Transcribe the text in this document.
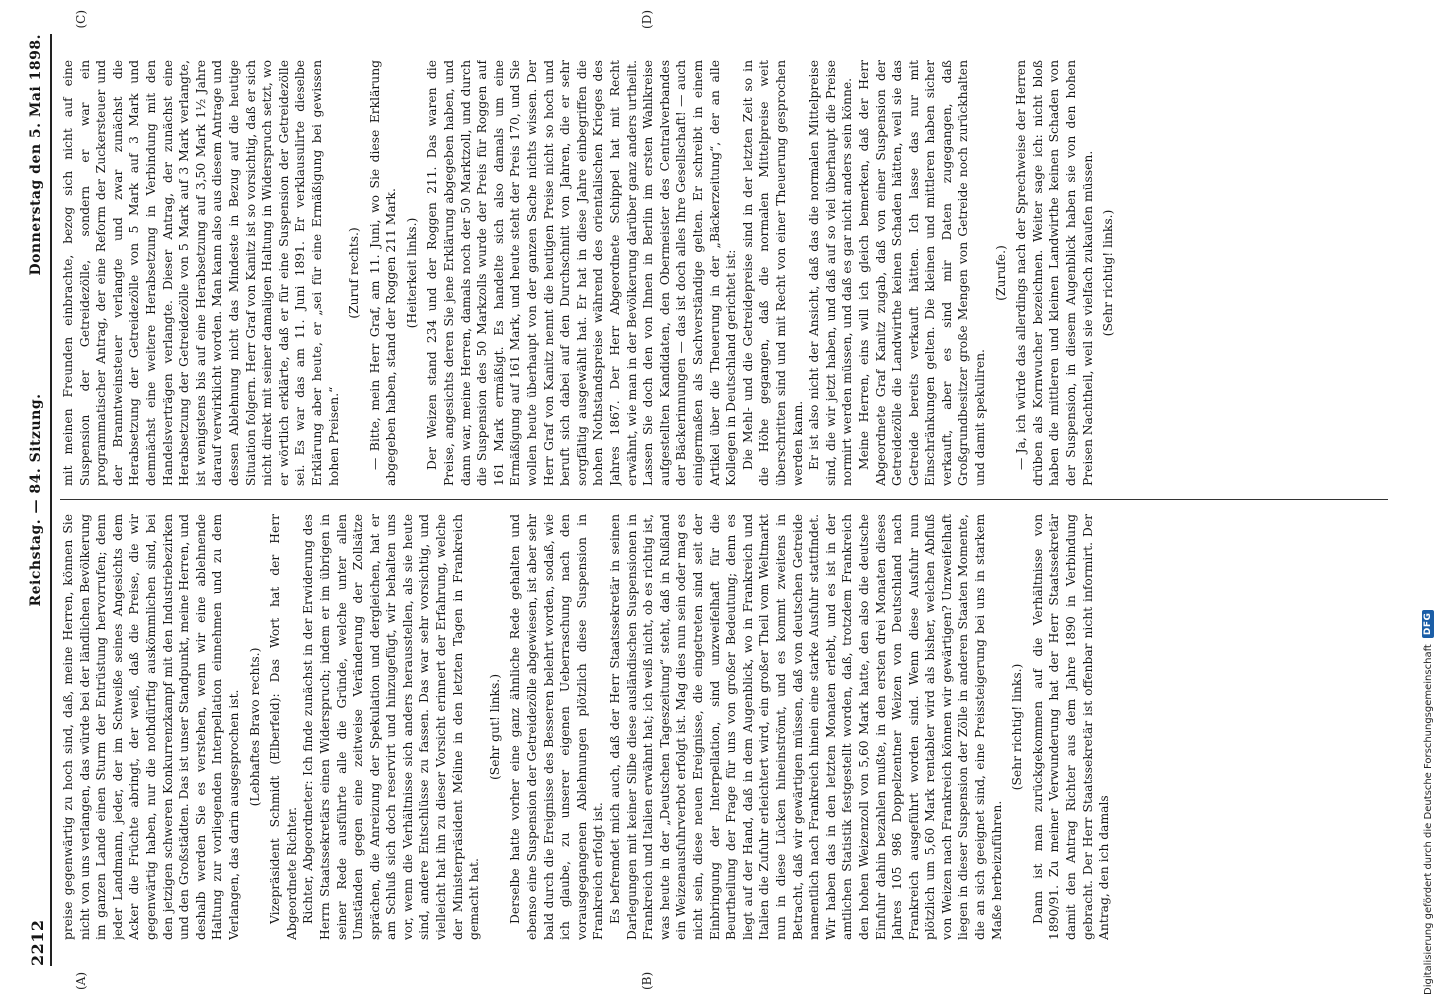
2212
Reichstag. — 84. Sitzung.
Donnerstag den 5. Mai 1898.
(A)	(B)
(C)	(D)

preise gegenwärtig zu hoch sind, daß, meine Herren, können Sie nicht von uns verlangen, das würde bei der ländlichen Bevölkerung im ganzen Lande einen Sturm der Entrüstung hervorrufen; denn jeder Landmann, jeder, der im Schweiße seines Angesichts dem Acker die Früchte abringt, der weiß, daß die Preise, die wir gegenwärtig haben, nur die nothdürftig auskömmlichen sind, bei den jetzigen schweren Konkurrenzkampf mit den Industriebezirken und den Großstädten. Das ist unser Standpunkt, meine Herren, und deshalb werden Sie es verstehen, wenn wir eine ablehnende Haltung zur vorliegenden Interpellation einnehmen und zu dem Verlangen, das darin ausgesprochen ist. (Lebhaftes Bravo rechts.) Vizepräsident Schmidt (Elberfeld): Das Wort hat der Herr Abgeordnete Richter. Richter, Abgeordneter: Ich finde zunächst in der Erwiderung des Herrn Staatssekretärs einen Widerspruch; indem er im übrigen in seiner Rede ausführte alle die Gründe, welche unter allen Umständen gegen eine zeitweise Veränderung der Zollsätze sprächen, die Anreizung der Spekulation und dergleichen, hat er am Schluß sich doch reservirt und hinzugefügt, wir behalten uns vor, wenn die Verhältnisse sich anders herausstellen, als sie heute sind, andere Entschlüsse zu fassen. Das war sehr vorsichtig, und vielleicht hat ihn zu dieser Vorsicht erinnert der Erfahrung, welche der Ministerpräsident Méline in den letzten Tagen in Frankreich gemacht hat.

(Sehr gut! links.) Derselbe hatte vorher eine ganz ähnliche Rede gehalten und ebenso eine Suspension der Getreidezölle abgewiesen, ist aber sehr bald durch die Ereignisse des Besseren belehrt worden, sodaß, wie ich glaube, zu unserer eigenen Ueberraschung nach den vorausgegangenen Ablehnungen plötzlich diese Suspension in Frankreich erfolgt ist. Es befremdet mich auch, daß der Herr Staatssekretär in seinen Darlegungen mit keiner Silbe diese ausländischen Suspensionen in Frankreich und Italien erwähnt hat; ich weiß nicht, ob es richtig ist, was heute in der „Deutschen Tageszeitung“ steht, daß in Rußland ein Weizenausfuhrverbot erfolgt ist. Mag dies nun sein oder mag es nicht sein, diese neuen Ereignisse, die eingetreten sind seit der Einbringung der Interpellation, sind unzweifelhaft für die Beurtheilung der Frage für uns von großer Bedeutung; denn es liegt auf der Hand, daß in dem Augenblick, wo in Frankreich und Italien die Zufuhr erleichtert wird, ein großer Theil vom Weltmarkt nun in diese Lücken hineinströmt, und es kommt zweitens in Betracht, daß wir gewärtigen müssen, daß von deutschen Getreide namentlich nach Frankreich hinein eine starke Ausfuhr stattfindet. Wir haben das in den letzten Monaten erlebt, und es ist in der amtlichen Statistik festgestellt worden, daß, trotzdem Frankreich den hohen Weizenzoll von 5,60 Mark hatte, den also die deutsche Einfuhr dahin bezahlen mußte, in den ersten drei Monaten dieses Jahres 105 986 Doppelzentner Weizen von Deutschland nach Frankreich ausgeführt worden sind. Wenn diese Ausfuhr nun plötzlich um 5,60 Mark rentabler wird als bisher, welchen Abfluß von Weizen nach Frankreich können wir gewärtigen? Unzweifelhaft liegen in dieser Suspension der Zölle in anderen Staaten Momente, die an sich geeignet sind, eine Preissteigerung bei uns in starkem Maße herbeizuführen.

(Sehr richtig! links.) Dann ist man zurückgekommen auf die Verhältnisse von 1890/91. Zu meiner Verwunderung hat der Herr Staatssekretär damit den Antrag Richter aus dem Jahre 1890 in Verbindung gebracht. Der Herr Staatssekretär ist offenbar nicht informirt. Der Antrag, den ich damals

mit meinen Freunden einbrachte, bezog sich nicht auf eine Suspension der Getreidezölle, sondern er war ein programmatischer Antrag, der eine Reform der Zuckersteuer und der Branntweinsteuer verlangte und zwar zunächst die Herabsetzung der Getreidezölle von 5 Mark auf 3 Mark und demnächst eine weitere Herabsetzung in Verbindung mit den Handelsverträgen verlangte. Dieser Antrag, der zunächst eine Herabsetzung der Getreidezölle von 5 Mark auf 3 Mark verlangte, ist wenigstens bis auf eine Herabsetzung auf 3,50 Mark 1½ Jahre darauf verwirklicht worden. Man kann also aus diesem Antrage und dessen Ablehnung nicht das Mindeste in Bezug auf die heutige Situation folgern. Herr Graf von Kanitz ist so vorsichtig, daß er sich nicht direkt mit seiner damaligen Haltung in Widerspruch setzt, wo er wörtlich erklärte, daß er für eine Suspension der Getreidezölle sei. Es war das am 11. Juni 1891. Er verklausulirte dieselbe Erklärung aber heute, er „sei für eine Ermäßigung bei gewissen hohen Preisen.“

(Zuruf rechts.) — Bitte, mein Herr Graf, am 11. Juni, wo Sie diese Erklärung abgegeben haben, stand der Roggen 211 Mark. (Heiterkeit links.) Der Weizen stand 234 und der Roggen 211. Das waren die Preise, angesichts deren Sie jene Erklärung abgegeben haben, und dann war, meine Herren, damals noch der 50 Marktzoll, und durch die Suspension des 50 Markzolls wurde der Preis für Roggen auf 161 Mark ermäßigt. Es handelte sich also damals um eine Ermäßigung auf 161 Mark, und heute steht der Preis 170, und Sie wollen heute überhaupt von der ganzen Sache nichts wissen. Der Herr Graf von Kanitz nennt die heutigen Preise nicht so hoch und beruft sich dabei auf den Durchschnitt von Jahren, die er sehr sorgfältig ausgewählt hat. Er hat in diese Jahre einbegriffen die hohen Nothstandspreise während des orientalischen Krieges des Jahres 1867. Der Herr Abgeordnete Schippel hat mit Recht erwähnt, wie man in der Bevölkerung darüber ganz anders urtheilt. Lassen Sie doch den von Ihnen in Berlin im ersten Wahlkreise aufgestellten Kandidaten, den Obermeister des Centralverbandes der Bäckerinnungen — das ist doch alles Ihre Gesellschaft! — auch einigermaßen als Sachverständige gelten. Er schreibt in einem Artikel über die Theuerung in der „Bäckerzeitung“, der an alle Kollegen in Deutschland gerichtet ist: Die Mehl- und die Getreidepreise sind in der letzten Zeit so in die Höhe gegangen, daß die normalen Mittelpreise weit überschritten sind und mit Recht von einer Theuerung gesprochen werden kann. Er ist also nicht der Ansicht, daß das die normalen Mittelpreise sind, die wir jetzt haben, und daß auf so viel überhaupt die Preise normirt werden müssen, und daß es gar nicht anders sein könne. Meine Herren, eins will ich gleich bemerken, daß der Herr Abgeordnete Graf Kanitz zugab, daß von einer Suspension der Getreidezölle die Landwirthe keinen Schaden hätten, weil sie das Getreide bereits verkauft hätten. Ich lasse das nur mit Einschränkungen gelten. Die kleinen und mittleren haben sicher verkauft, aber es sind mir Daten zugegangen, daß Großgrundbesitzer große Mengen von Getreide noch zurückhalten und damit spekuliren.

(Zurufe.) — Ja, ich würde das allerdings nach der Sprechweise der Herren drüben als Kornwucher bezeichnen. Weiter sage ich: nicht bloß haben die mittleren und kleinen Landwirthe keinen Schaden von der Suspension, in diesem Augenblick haben sie von den hohen Preisen Nachtheil, weil sie vielfach zukaufen müssen. (Sehr richtig! links.)

Digitalisierung gefördert durch die Deutsche Forschungsgemeinschaft
DFG
